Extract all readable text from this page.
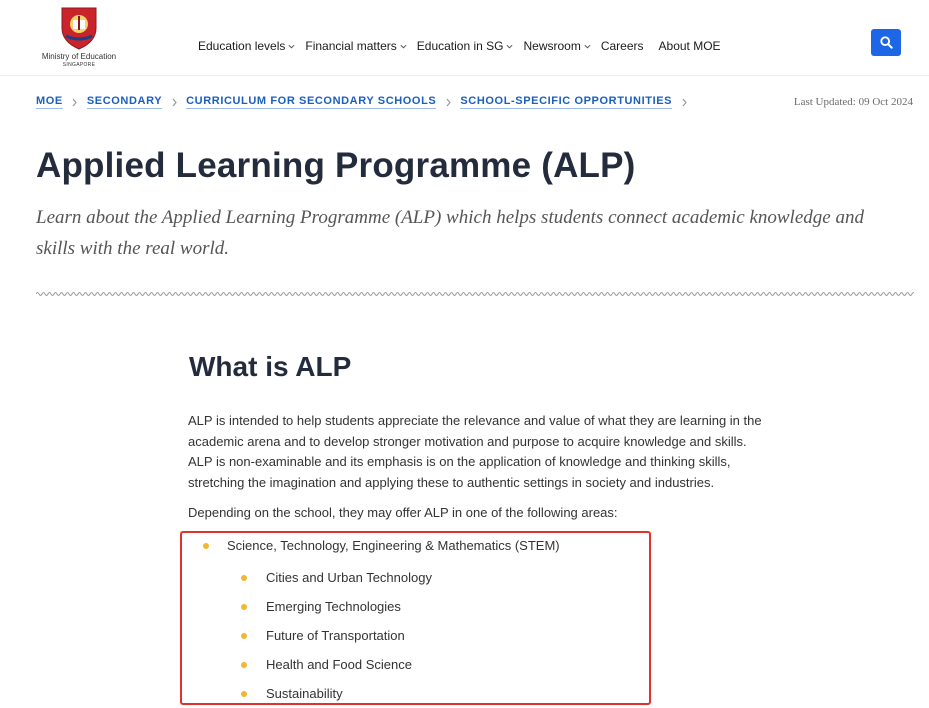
Ministry of Education
SINGAPORE
Education levels Financial matters Education in SG Newsroom Careers About MOE
MOE SECONDARY CURRICULUM FOR SECONDARY SCHOOLS SCHOOL-SPECIFIC OPPORTUNITIES	Last Updated: 09 Oct 2024
Applied Learning Programme (ALP)

Learn about the Applied Learning Programme (ALP) which helps students connect academic knowledge and skills with the real world.

What is ALP

ALP is intended to help students appreciate the relevance and value of what they are learning in the academic arena and to develop stronger motivation and purpose to acquire knowledge and skills. ALP is non-examinable and its emphasis is on the application of knowledge and thinking skills, stretching the imagination and applying these to authentic settings in society and industries.

Depending on the school, they may offer ALP in one of the following areas:

Science, Technology, Engineering & Mathematics (STEM)
Cities and Urban Technology
Emerging Technologies
Future of Transportation
Health and Food Science
Sustainability
